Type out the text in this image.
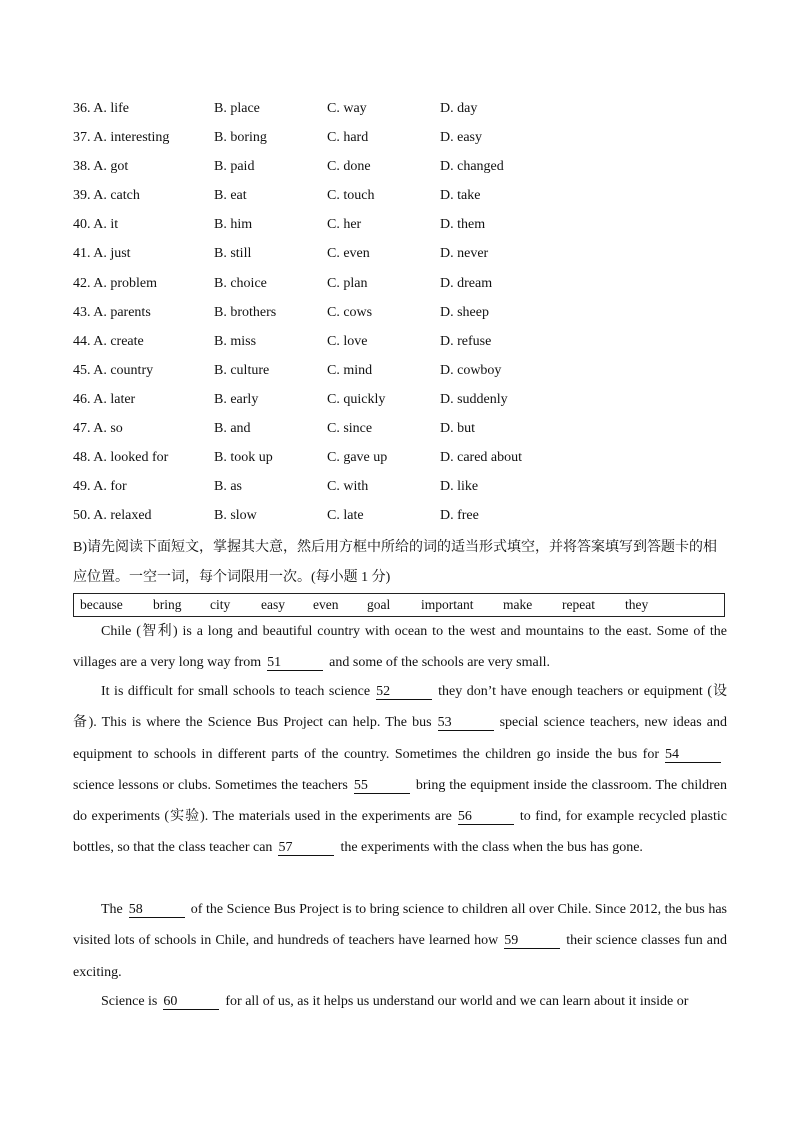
36. A. life	B. place	C. way	D. day
37. A. interesting	B. boring	C. hard	D. easy
38. A. got	B. paid	C. done	D. changed
39. A. catch	B. eat	C. touch	D. take
40. A. it	B. him	C. her	D. them
41. A. just	B. still	C. even	D. never
42. A. problem	B. choice	C. plan	D. dream
43. A. parents	B. brothers	C. cows	D. sheep
44. A. create	B. miss	C. love	D. refuse
45. A. country	B. culture	C. mind	D. cowboy
46. A. later	B. early	C. quickly	D. suddenly
47. A. so	B. and	C. since	D. but
48. A. looked for	B. took up	C. gave up	D. cared about
49. A. for	B. as	C. with	D. like
50. A. relaxed	B. slow	C. late	D. free
B)请先阅读下面短文，掌握其大意，然后用方框中所给的词的适当形式填空，并将答案填写到答题卡的相应位置。一空一词，每个词限用一次。(每小题 1 分)
because bring city easy even goal important make repeat they

Chile (智利) is a long and beautiful country with ocean to the west and mountains to the east. Some of the villages are a very long way from 51	and some of the schools are very small.

It is difficult for small schools to teach science 52	they don’t have enough teachers or equipment (设备). This is where the Science Bus Project can help. The bus 53	special science teachers, new ideas and equipment to schools in different parts of the country. Sometimes the children go inside the bus for 54science lessons or clubs. Sometimes the teachers 55	bring the equipment inside the classroom. The children do experiments (实验). The materials used in the experiments are 56	to find, for example recycled plastic bottles, so that the class teacher can 57	the experiments with the class when the bus has gone.

The 58	of the Science Bus Project is to bring science to children all over Chile. Since 2012, the bus has visited lots of schools in Chile, and hundreds of teachers have learned how 59	their science classes fun and exciting.

Science is 60	for all of us, as it helps us understand our world and we can learn about it inside or
